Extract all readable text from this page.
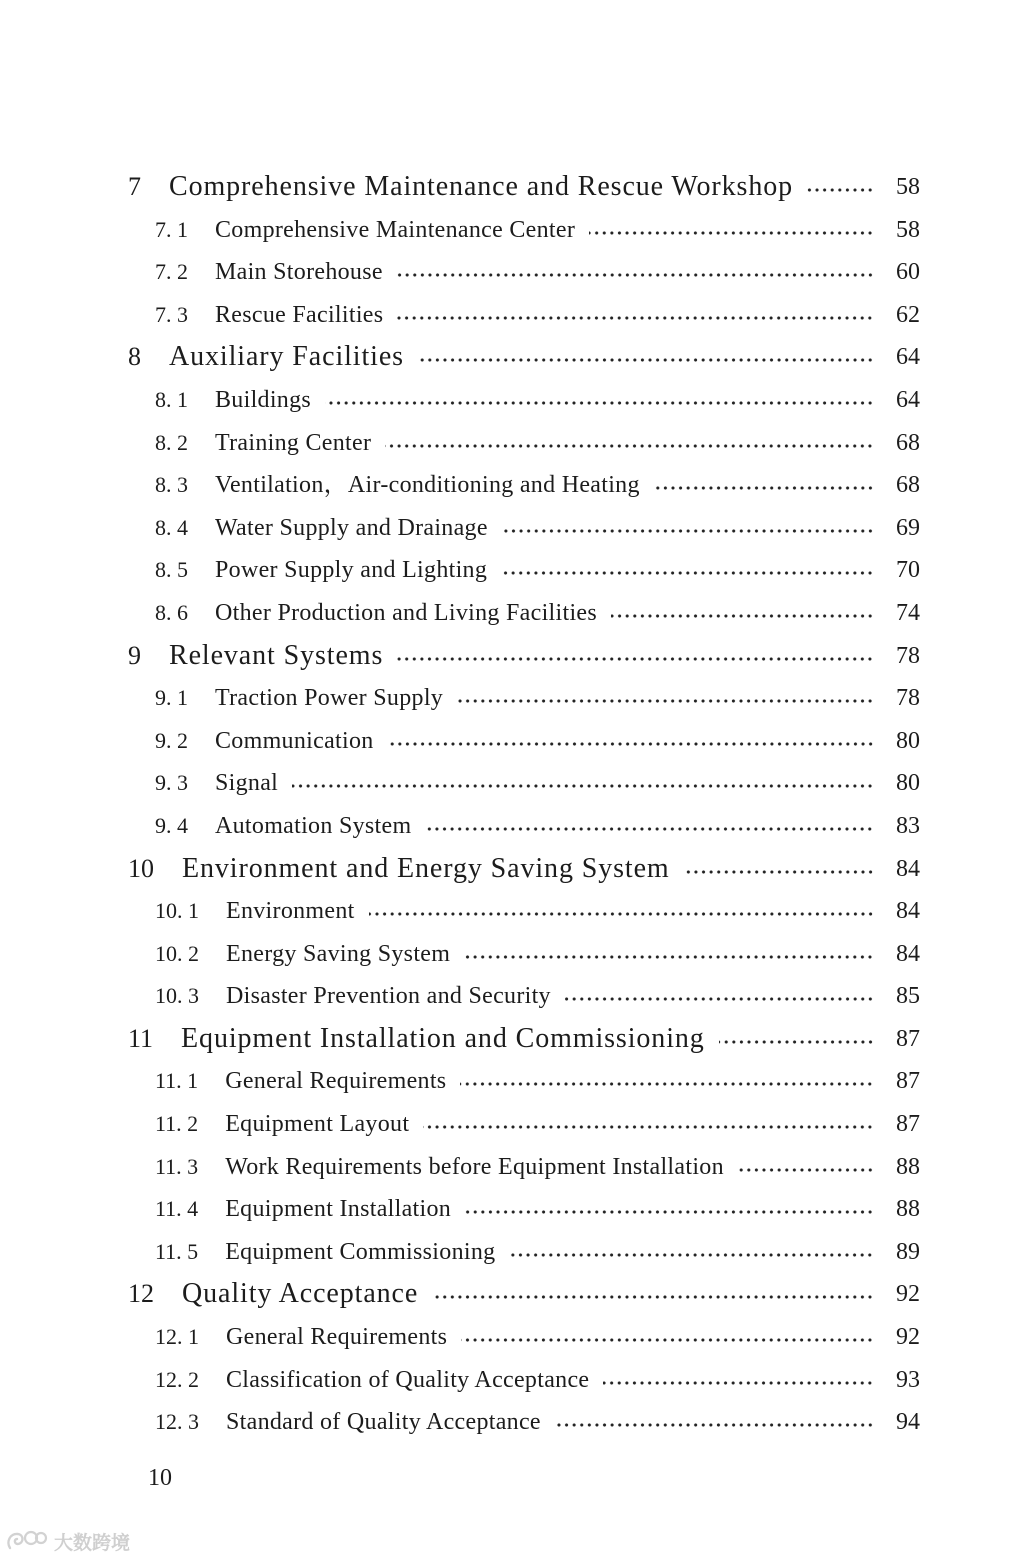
7 Comprehensive Maintenance and Rescue Workshop	58
7. 1 Comprehensive Maintenance Center	58
7. 2 Main Storehouse	60
7. 3 Rescue Facilities	62
8 Auxiliary Facilities	64
8. 1 Buildings	64
8. 2 Training Center	68
8. 3 Ventilation，Air-conditioning and Heating	68
8. 4 Water Supply and Drainage	69
8. 5 Power Supply and Lighting	70
8. 6 Other Production and Living Facilities	74
9 Relevant Systems	78
9. 1 Traction Power Supply	78
9. 2 Communication	80
9. 3 Signal	80
9. 4 Automation System	83
10 Environment and Energy Saving System	84
10. 1 Environment	84
10. 2 Energy Saving System	84
10. 3 Disaster Prevention and Security	85
11 Equipment Installation and Commissioning	87
11. 1 General Requirements	87
11. 2 Equipment Layout	87
11. 3 Work Requirements before Equipment Installation	88
11. 4 Equipment Installation	88
11. 5 Equipment Commissioning	89
12 Quality Acceptance	92
12. 1 General Requirements	92
12. 2 Classification of Quality Acceptance	93
12. 3 Standard of Quality Acceptance	94
10
大数跨境
